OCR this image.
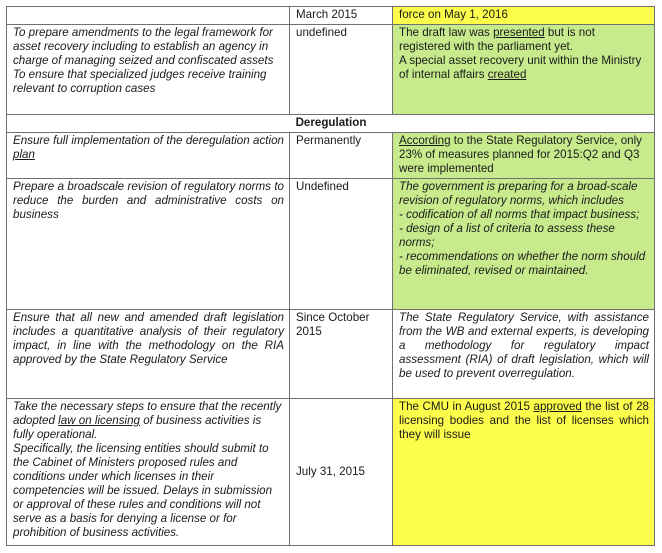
	March 2015	force on May 1, 2016

To prepare amendments to the legal framework for asset recovery including to establish an agency in charge of managing seized and confiscated assets
To ensure that specialized judges receive training relevant to corruption cases	undefined	The draft law was presented but is not registered with the parliament yet.
A special asset recovery unit within the Ministry of internal affairs created

Deregulation		
Ensure full implementation of the deregulation action plan	Permanently	According to the State Regulatory Service, only 23% of measures planned for 2015:Q2 and Q3 were implemented
Prepare a broadscale revision of regulatory norms to reduce the burden and administrative costs on business	Undefined	The government is preparing for a broad-scale revision of regulatory norms, which includes
- codification of all norms that impact business;
- design of a list of criteria to assess these norms;
- recommendations on whether the norm should be eliminated, revised or maintained.

Ensure that all new and amended draft legislation includes a quantitative analysis of their regulatory impact, in line with the methodology on the RIA approved by the State Regulatory Service	Since October 2015	The State Regulatory Service, with assistance from the WB and external experts, is developing a methodology for regulatory impact assessment (RIA) of draft legislation, which will be used to prevent overregulation.

Take the necessary steps to ensure that the recently adopted law on licensing of business activities is fully operational.
Specifically, the licensing entities should submit to the Cabinet of Ministers proposed rules and conditions under which licenses in their competencies will be issued. Delays in submission or approval of these rules and conditions will not serve as a basis for denying a license or for prohibition of business activities.	July 31, 2015	The CMU in August 2015 approved the list of 28 licensing bodies and the list of licenses which they will issue
